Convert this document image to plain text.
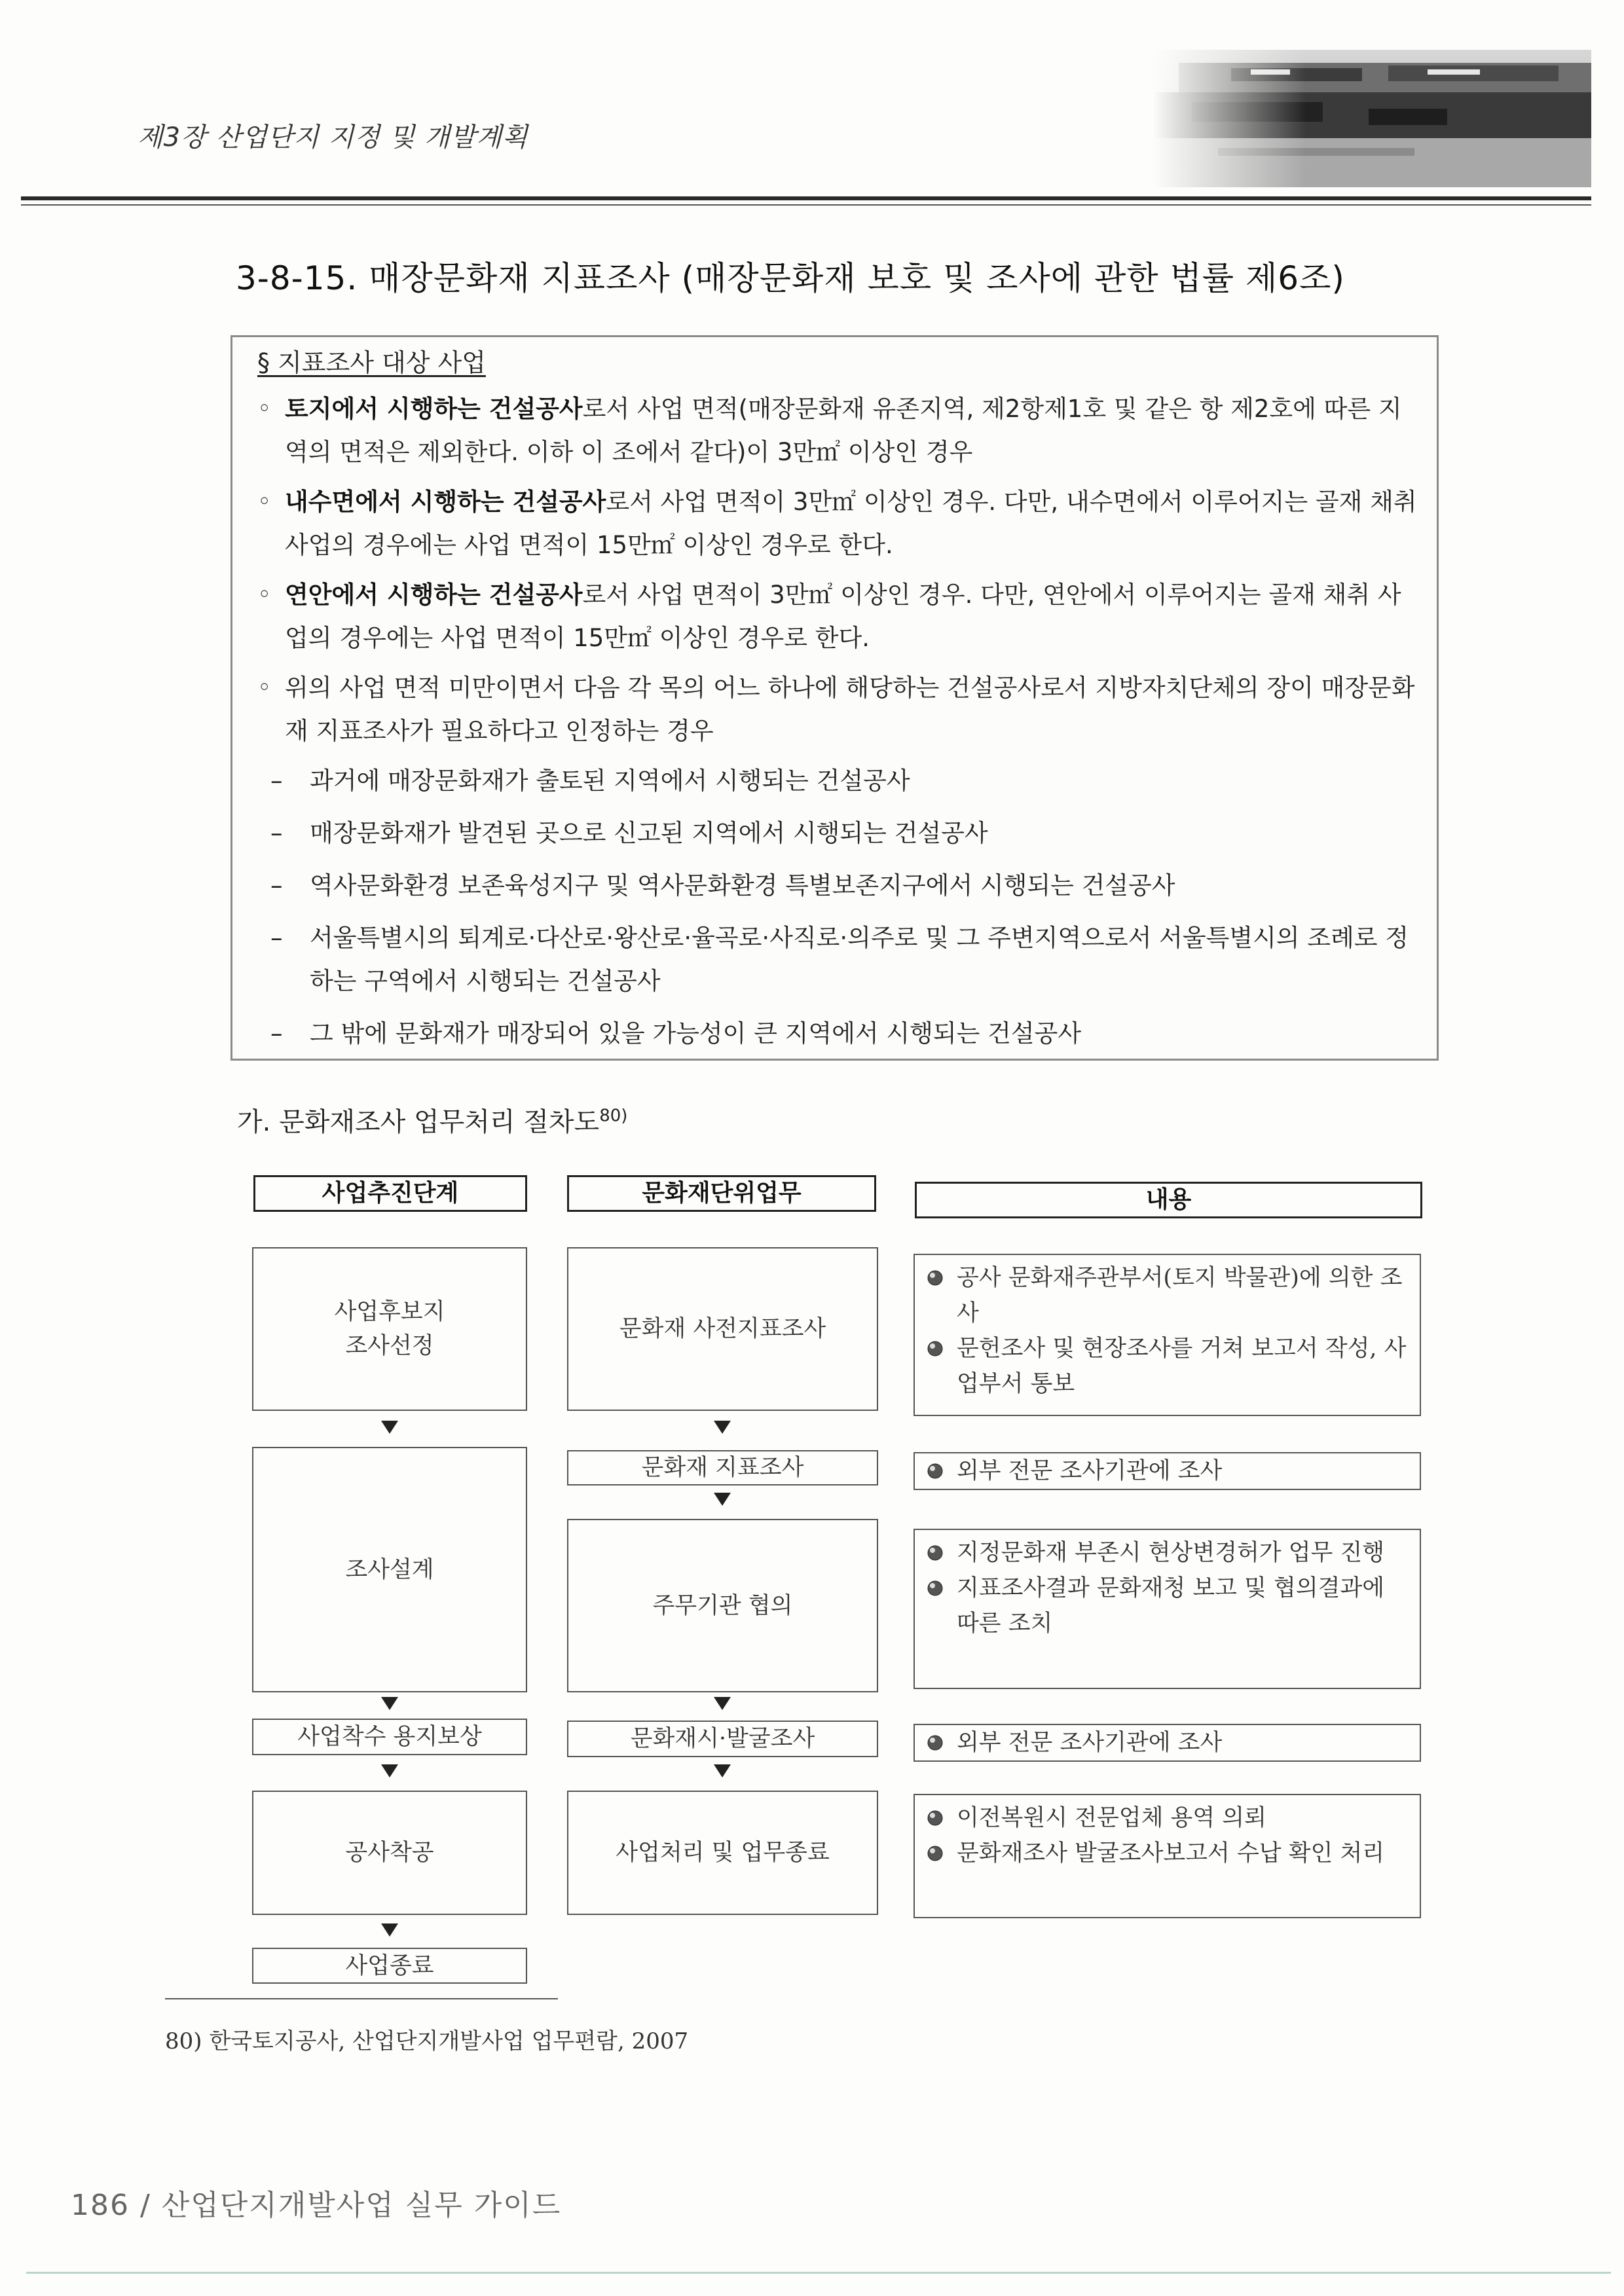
제3장 산업단지 지정 및 개발계획
3-8-15. 매장문화재 지표조사 (매장문화재 보호 및 조사에 관한 법률 제6조)
§ 지표조사 대상 사업
◦ 토지에서 시행하는 건설공사로서 사업 면적(매장문화재 유존지역, 제2항제1호 및 같은 항 제2호에 따른 지역의 면적은 제외한다. 이하 이 조에서 같다)이 3만㎡ 이상인 경우
◦ 내수면에서 시행하는 건설공사로서 사업 면적이 3만㎡ 이상인 경우. 다만, 내수면에서 이루어지는 골재 채취 사업의 경우에는 사업 면적이 15만㎡ 이상인 경우로 한다.
◦ 연안에서 시행하는 건설공사로서 사업 면적이 3만㎡ 이상인 경우. 다만, 연안에서 이루어지는 골재 채취 사업의 경우에는 사업 면적이 15만㎡ 이상인 경우로 한다.
◦ 위의 사업 면적 미만이면서 다음 각 목의 어느 하나에 해당하는 건설공사로서 지방자치단체의 장이 매장문화재 지표조사가 필요하다고 인정하는 경우
– 과거에 매장문화재가 출토된 지역에서 시행되는 건설공사
– 매장문화재가 발견된 곳으로 신고된 지역에서 시행되는 건설공사
– 역사문화환경 보존육성지구 및 역사문화환경 특별보존지구에서 시행되는 건설공사
– 서울특별시의 퇴계로·다산로·왕산로·율곡로·사직로·의주로 및 그 주변지역으로서 서울특별시의 조례로 정하는 구역에서 시행되는 건설공사
– 그 밖에 문화재가 매장되어 있을 가능성이 큰 지역에서 시행되는 건설공사
가. 문화재조사 업무처리 절차도$^{80)}$
사업추진단계	문화재단위업무	내용
사업후보지
조사선정
조사설계
사업착수 용지보상
공사착공
사업종료
문화재 사전지표조사
문화재 지표조사
주무기관 협의
문화재시·발굴조사
사업처리 및 업무종료
공사 문화재주관부서(토지 박물관)에 의한 조사
문헌조사 및 현장조사를 거쳐 보고서 작성, 사업부서 통보
외부 전문 조사기관에 조사
지정문화재 부존시 현상변경허가 업무 진행
지표조사결과 문화재청 보고 및 협의결과에 따른 조치
외부 전문 조사기관에 조사
이전복원시 전문업체 용역 의뢰
문화재조사 발굴조사보고서 수납 확인 처리
80) 한국토지공사, 산업단지개발사업 업무편람, 2007
186 / 산업단지개발사업 실무 가이드
